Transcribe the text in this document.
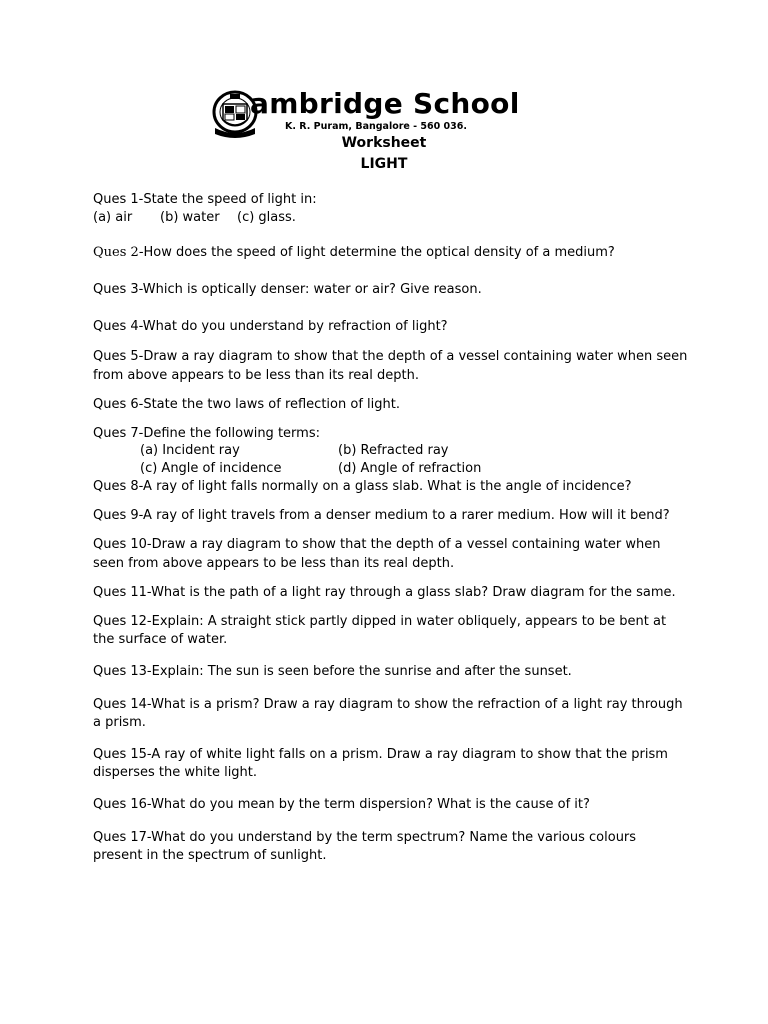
ambridge School
K. R. Puram, Bangalore - 560 036.
Worksheet
LIGHT
Ques 1-State the speed of light in:
(a) air (b) water (c) glass.
Ques 2-How does the speed of light determine the optical density of a medium?
Ques 3-Which is optically denser: water or air? Give reason.
Ques 4-What do you understand by refraction of light?
Ques 5-Draw a ray diagram to show that the depth of a vessel containing water when seen
from above appears to be less than its real depth.
Ques 6-State the two laws of reflection of light.
Ques 7-Define the following terms:
(a) Incident ray	(b) Refracted ray
(c) Angle of incidence	(d) Angle of refraction
Ques 8-A ray of light falls normally on a glass slab. What is the angle of incidence?
Ques 9-A ray of light travels from a denser medium to a rarer medium. How will it bend?
Ques 10-Draw a ray diagram to show that the depth of a vessel containing water when
seen from above appears to be less than its real depth.
Ques 11-What is the path of a light ray through a glass slab? Draw diagram for the same.
Ques 12-Explain: A straight stick partly dipped in water obliquely, appears to be bent at
the surface of water.
Ques 13-Explain: The sun is seen before the sunrise and after the sunset.
Ques 14-What is a prism? Draw a ray diagram to show the refraction of a light ray through
a prism.
Ques 15-A ray of white light falls on a prism. Draw a ray diagram to show that the prism
disperses the white light.
Ques 16-What do you mean by the term dispersion? What is the cause of it?
Ques 17-What do you understand by the term spectrum? Name the various colours
present in the spectrum of sunlight.
